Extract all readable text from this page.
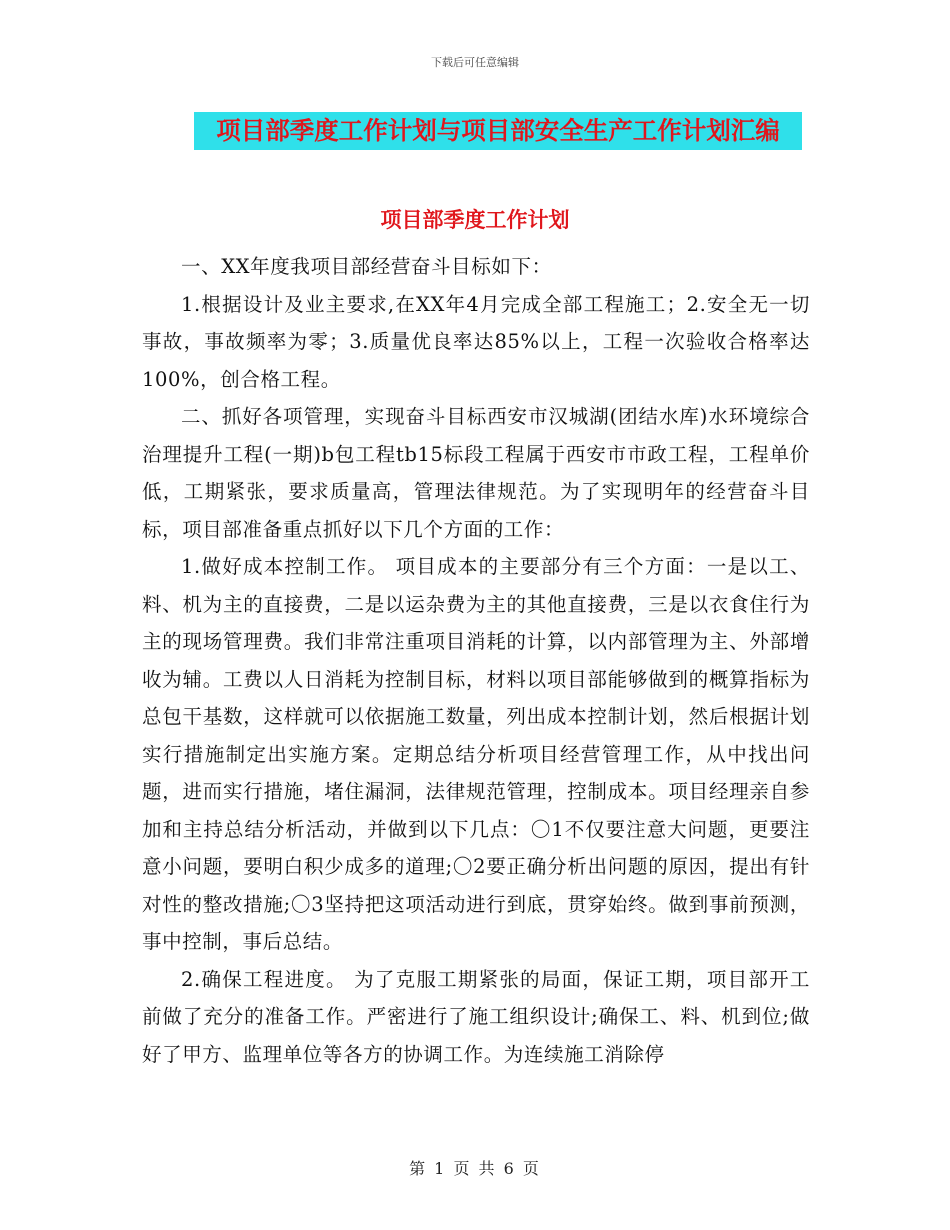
下载后可任意编辑
项目部季度工作计划与项目部安全生产工作计划汇编
项目部季度工作计划

一、XX年度我项目部经营奋斗目标如下：

1.根据设计及业主要求,在XX年4月完成全部工程施工；2.安全无一切事故，事故频率为零；3.质量优良率达85%以上，工程一次验收合格率达100%，创合格工程。

二、抓好各项管理，实现奋斗目标西安市汉城湖(团结水库)水环境综合治理提升工程(一期)b包工程tb15标段工程属于西安市市政工程，工程单价低，工期紧张，要求质量高，管理法律规范。为了实现明年的经营奋斗目标，项目部准备重点抓好以下几个方面的工作：

1.做好成本控制工作。 项目成本的主要部分有三个方面：一是以工、料、机为主的直接费，二是以运杂费为主的其他直接费，三是以衣食住行为主的现场管理费。我们非常注重项目消耗的计算，以内部管理为主、外部增收为辅。工费以人日消耗为控制目标，材料以项目部能够做到的概算指标为总包干基数，这样就可以依据施工数量，列出成本控制计划，然后根据计划实行措施制定出实施方案。定期总结分析项目经营管理工作，从中找出问题，进而实行措施，堵住漏洞，法律规范管理，控制成本。项目经理亲自参加和主持总结分析活动，并做到以下几点：〇1不仅要注意大问题，更要注意小问题，要明白积少成多的道理;〇2要正确分析出问题的原因，提出有针对性的整改措施;〇3坚持把这项活动进行到底，贯穿始终。做到事前预测，事中控制，事后总结。

2.确保工程进度。 为了克服工期紧张的局面，保证工期，项目部开工前做了充分的准备工作。严密进行了施工组织设计;确保工、料、机到位;做好了甲方、监理单位等各方的协调工作。为连续施工消除停

第 1 页 共 6 页
